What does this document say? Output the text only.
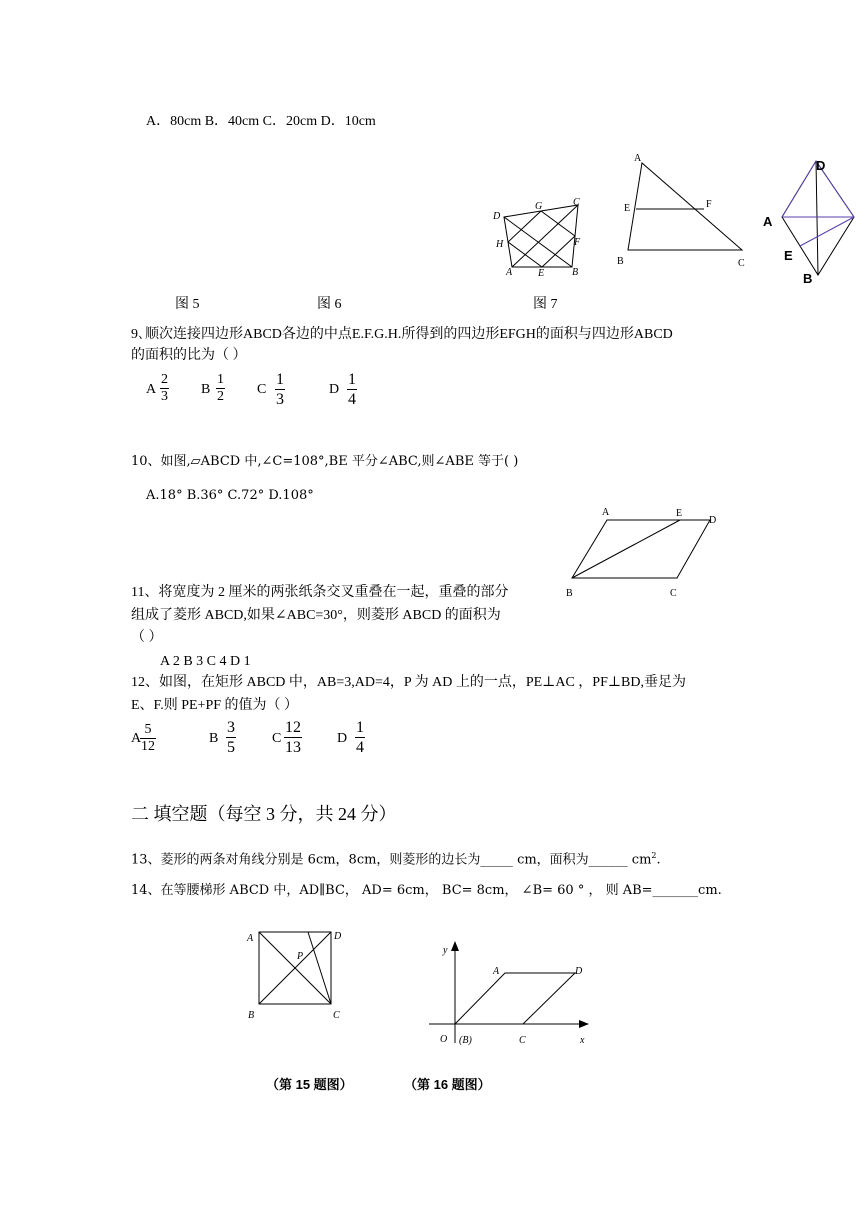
A．80cm B．40cm C．20cm D．10cm
D
G	C
H	F
A	E	B
A
E	F
B	C
D
A
E
B
图 5	图 6	图 7
9､顺次连接四边形ABCD各边的中点E.F.G.H.所得到的四边形EFGH的面积与四边形ABCD
的面积的比为（ ）
A $\frac{2}{3}$ B $\frac{1}{2}$ C $\frac{1}{3}$	D $\frac{1}{4}$
10、如图,▱ABCD 中,∠C=108°,BE 平分∠ABC,则∠ABE 等于( )
A.18° B.36° C.72° D.108°
A	E
D
B	C
11、将宽度为 2 厘米的两张纸条交叉重叠在一起，重叠的部分
组成了菱形 ABCD,如果∠ABC=30°，则菱形 ABCD 的面积为
（ ）
A 2 B 3 C 4 D 1
12、如图，在矩形 ABCD 中，AB=3,AD=4，P 为 AD 上的一点，PE⊥AC ，PF⊥BD,垂足为
E、F.则 PE+PF 的值为（ ）
A
$\frac{5}{12}$	B $\frac{3}{5}$	C $\frac{12}{13}$	D $\frac{1}{4}$
二 填空题（每空 3 分，共 24 分）
13、菱形的两条对角线分别是 6cm，8cm，则菱形的边长为_____ cm，面积为______ $cm^2$.
14、在等腰梯形 ABCD 中，AD∥BC， AD= 6cm， BC= 8cm， ∠B= 60 ° ， 则 AB=_______cm.
A	D
P
B	C
y
x
O (B)
A	D
C
（第 15 题图）	（第 16 题图）
